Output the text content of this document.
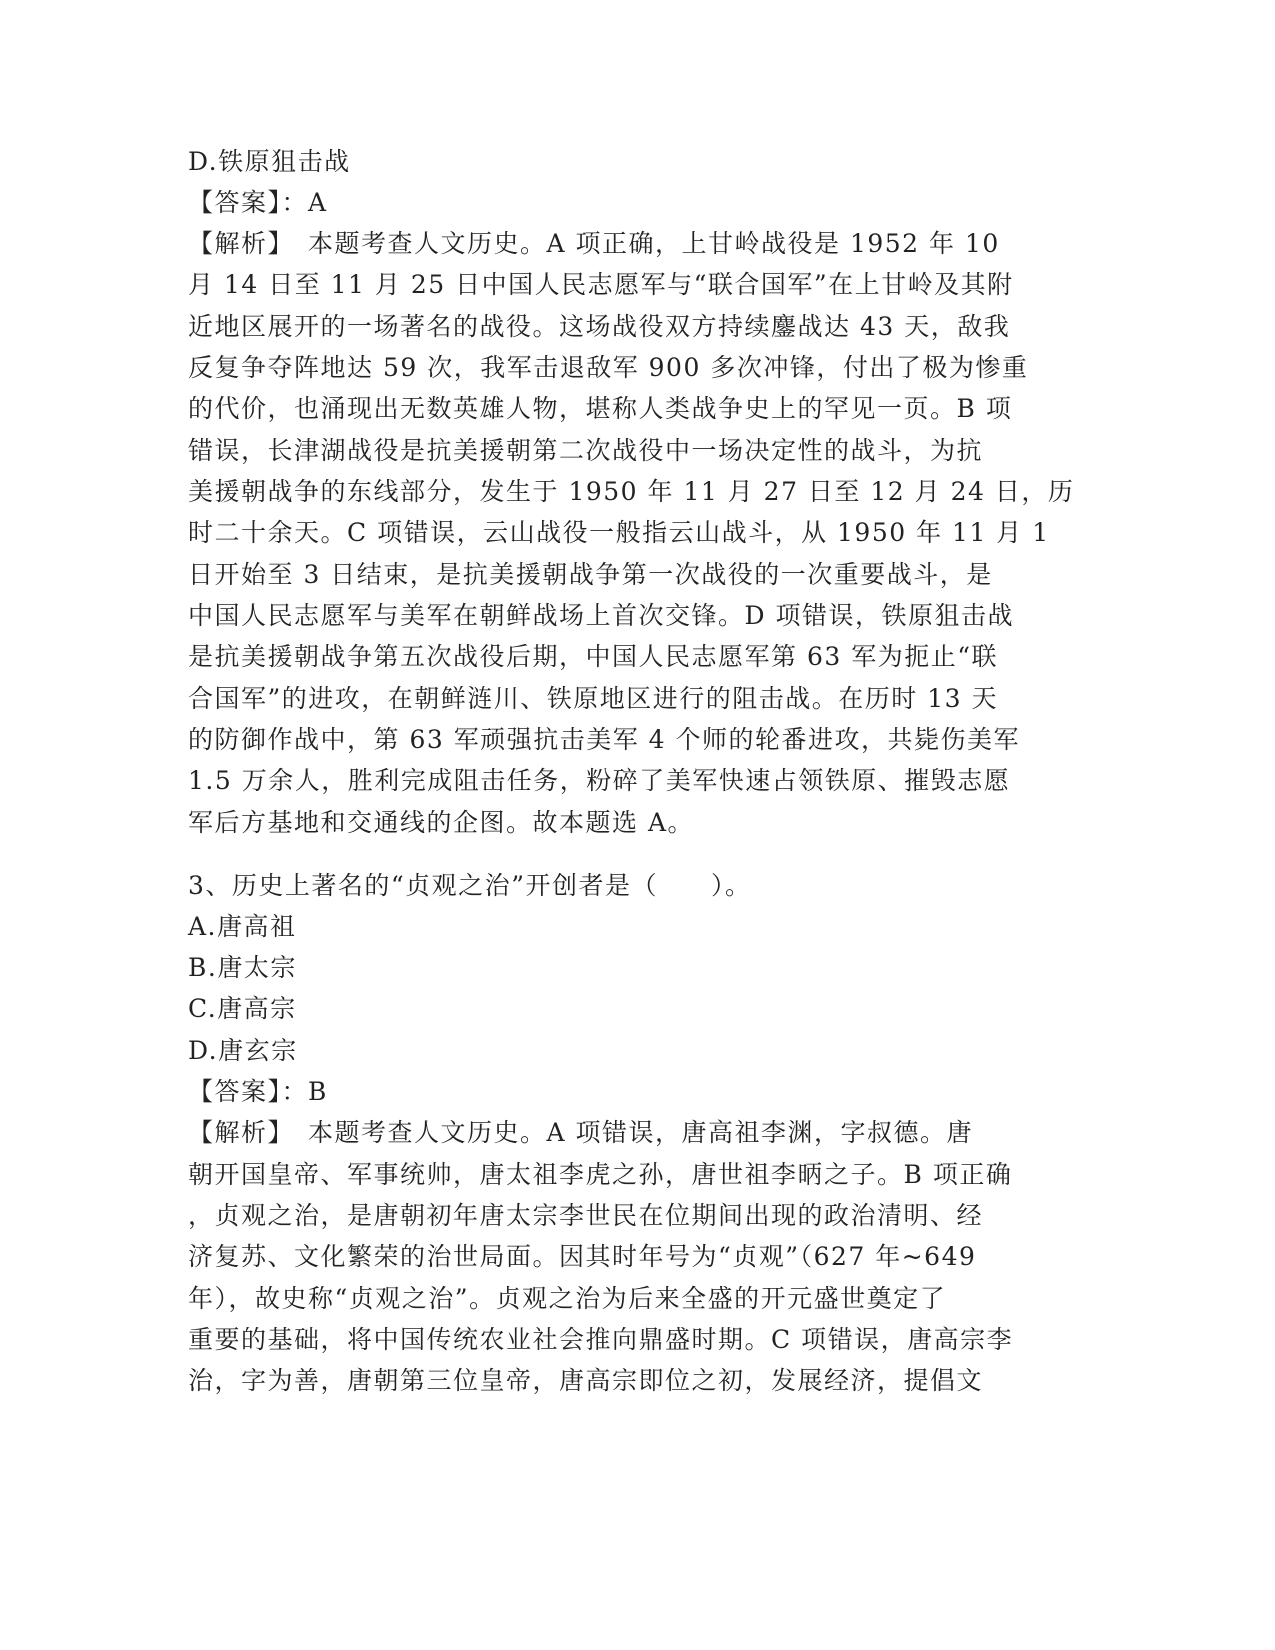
D.铁原狙击战
【答案】：A
【解析】　本题考查人文历史。A 项正确，上甘岭战役是 1952 年 10
月 14 日至 11 月 25 日中国人民志愿军与“联合国军”在上甘岭及其附
近地区展开的一场著名的战役。这场战役双方持续鏖战达 43 天，敌我
反复争夺阵地达 59 次，我军击退敌军 900 多次冲锋，付出了极为惨重
的代价，也涌现出无数英雄人物，堪称人类战争史上的罕见一页。B 项
错误，长津湖战役是抗美援朝第二次战役中一场决定性的战斗，为抗
美援朝战争的东线部分，发生于 1950 年 11 月 27 日至 12 月 24 日，历
时二十余天。C 项错误，云山战役一般指云山战斗，从 1950 年 11 月 1
日开始至 3 日结束，是抗美援朝战争第一次战役的一次重要战斗，是
中国人民志愿军与美军在朝鲜战场上首次交锋。D 项错误，铁原狙击战
是抗美援朝战争第五次战役后期，中国人民志愿军第 63 军为扼止“联
合国军”的进攻，在朝鲜涟川、铁原地区进行的阻击战。在历时 13 天
的防御作战中，第 63 军顽强抗击美军 4 个师的轮番进攻，共毙伤美军
1.5 万余人，胜利完成阻击任务，粉碎了美军快速占领铁原、摧毁志愿
军后方基地和交通线的企图。故本题选 A。
3、历史上著名的“贞观之治”开创者是（　　）。
A.唐高祖
B.唐太宗
C.唐高宗
D.唐玄宗
【答案】：B
【解析】　本题考查人文历史。A 项错误，唐高祖李渊，字叔德。唐
朝开国皇帝、军事统帅，唐太祖李虎之孙，唐世祖李昞之子。B 项正确
，贞观之治，是唐朝初年唐太宗李世民在位期间出现的政治清明、经
济复苏、文化繁荣的治世局面。因其时年号为“贞观”（627 年~649
年），故史称“贞观之治”。贞观之治为后来全盛的开元盛世奠定了
重要的基础，将中国传统农业社会推向鼎盛时期。C 项错误，唐高宗李
治，字为善，唐朝第三位皇帝，唐高宗即位之初，发展经济，提倡文
